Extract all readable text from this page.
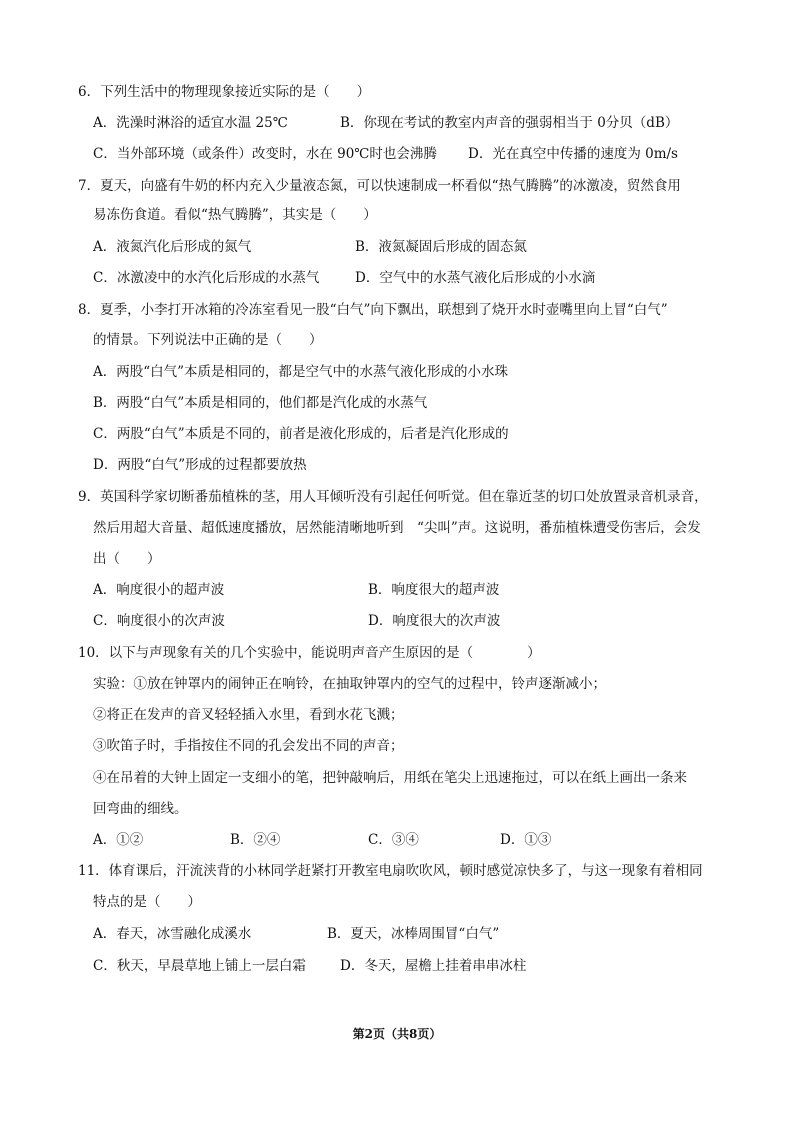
6．下列生活中的物理现象接近实际的是（　　）
A．洗澡时淋浴的适宜水温 25℃	B．你现在考试的教室内声音的强弱相当于 0分贝（dB）
C．当外部环境（或条件）改变时，水在 90℃时也会沸腾 D．光在真空中传播的速度为 0m/s
7．夏天，向盛有牛奶的杯内充入少量液态氮，可以快速制成一杯看似“热气腾腾”的冰激凌，贸然食用
易冻伤食道。看似“热气腾腾”，其实是（　　）
A．液氮汽化后形成的氮气	B．液氮凝固后形成的固态氮
C．冰激凌中的水汽化后形成的水蒸气	D．空气中的水蒸气液化后形成的小水滴
8．夏季，小李打开冰箱的冷冻室看见一股“白气”向下飘出，联想到了烧开水时壶嘴里向上冒“白气”
的情景。下列说法中正确的是（　　）
A．两股“白气”本质是相同的，都是空气中的水蒸气液化形成的小水珠
B．两股“白气”本质是相同的，他们都是汽化成的水蒸气
C．两股“白气”本质是不同的，前者是液化形成的，后者是汽化形成的
D．两股“白气”形成的过程都要放热
9．英国科学家切断番茄植株的茎，用人耳倾听没有引起任何听觉。但在靠近茎的切口处放置录音机录音，
然后用超大音量、超低速度播放，居然能清晰地听到　“尖叫”声。这说明，番茄植株遭受伤害后，会发
出（　　）
A．响度很小的超声波	B．响度很大的超声波
C．响度很小的次声波	D．响度很大的次声波
10．以下与声现象有关的几个实验中，能说明声音产生原因的是（　　　　）
实验：①放在钟罩内的闹钟正在响铃，在抽取钟罩内的空气的过程中，铃声逐渐减小；
②将正在发声的音叉轻轻插入水里，看到水花飞溅；
③吹笛子时，手指按住不同的孔会发出不同的声音；
④在吊着的大钟上固定一支细小的笔，把钟敲响后，用纸在笔尖上迅速拖过，可以在纸上画出一条来
回弯曲的细线。
A．①②	B．②④	C．③④	D．①③
11．体育课后，汗流浃背的小林同学赶紧打开教室电扇吹吹风，顿时感觉凉快多了，与这一现象有着相同
特点的是（　　）
A．春天，冰雪融化成溪水	B．夏天，冰棒周围冒“白气”
C．秋天，早晨草地上铺上一层白霜	D．冬天，屋檐上挂着串串冰柱
第2页（共8页）
